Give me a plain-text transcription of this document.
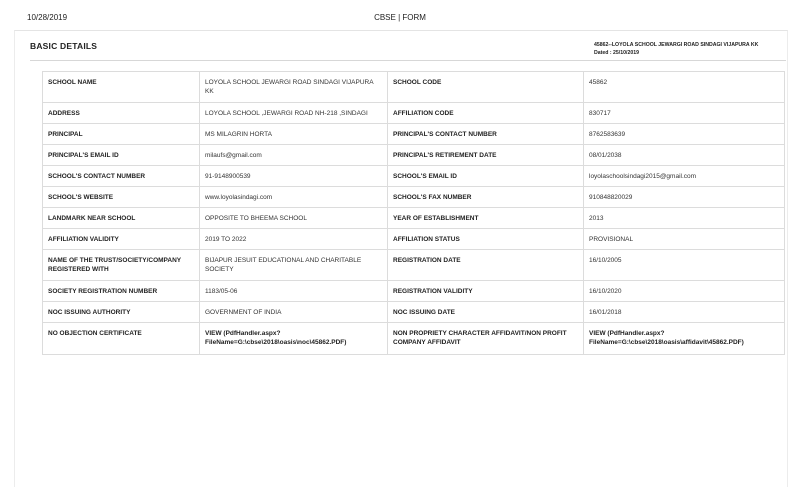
10/28/2019	CBSE | FORM
BASIC DETAILS	45862--LOYOLA SCHOOL JEWARGI ROAD SINDAGI VIJAPURA KK
Dated : 25/10/2019
SCHOOL NAME	LOYOLA SCHOOL JEWARGI ROAD SINDAGI VIJAPURA KK	SCHOOL CODE	45862
ADDRESS	LOYOLA SCHOOL ,JEWARGI ROAD NH-218 ,SINDAGI	AFFILIATION CODE	830717
PRINCIPAL	MS MILAGRIN HORTA	PRINCIPAL'S CONTACT NUMBER	8762583639
PRINCIPAL'S EMAIL ID	milaufs@gmail.com	PRINCIPAL'S RETIREMENT DATE	08/01/2038
SCHOOL'S CONTACT NUMBER	91-9148900539	SCHOOL'S EMAIL ID	loyolaschoolsindagi2015@gmail.com
SCHOOL'S WEBSITE	www.loyolasindagi.com	SCHOOL'S FAX NUMBER	910848820029
LANDMARK NEAR SCHOOL	OPPOSITE TO BHEEMA SCHOOL	YEAR OF ESTABLISHMENT	2013
AFFILIATION VALIDITY	2019 TO 2022	AFFILIATION STATUS	PROVISIONAL
NAME OF THE TRUST/SOCIETY/COMPANY REGISTERED WITH	BIJAPUR JESUIT EDUCATIONAL AND CHARITABLE SOCIETY	REGISTRATION DATE	16/10/2005
SOCIETY REGISTRATION NUMBER	1183/05-06	REGISTRATION VALIDITY	16/10/2020
NOC ISSUING AUTHORITY	GOVERNMENT OF INDIA	NOC ISSUING DATE	16/01/2018
NO OBJECTION CERTIFICATE	VIEW (PdfHandler.aspx?FileName=G:\cbse\2018\oasis\noc\45862.PDF)	NON PROPRIETY CHARACTER AFFIDAVIT/NON PROFIT COMPANY AFFIDAVIT	VIEW (PdfHandler.aspx?FileName=G:\cbse\2018\oasis\affidavit\45862.PDF)
